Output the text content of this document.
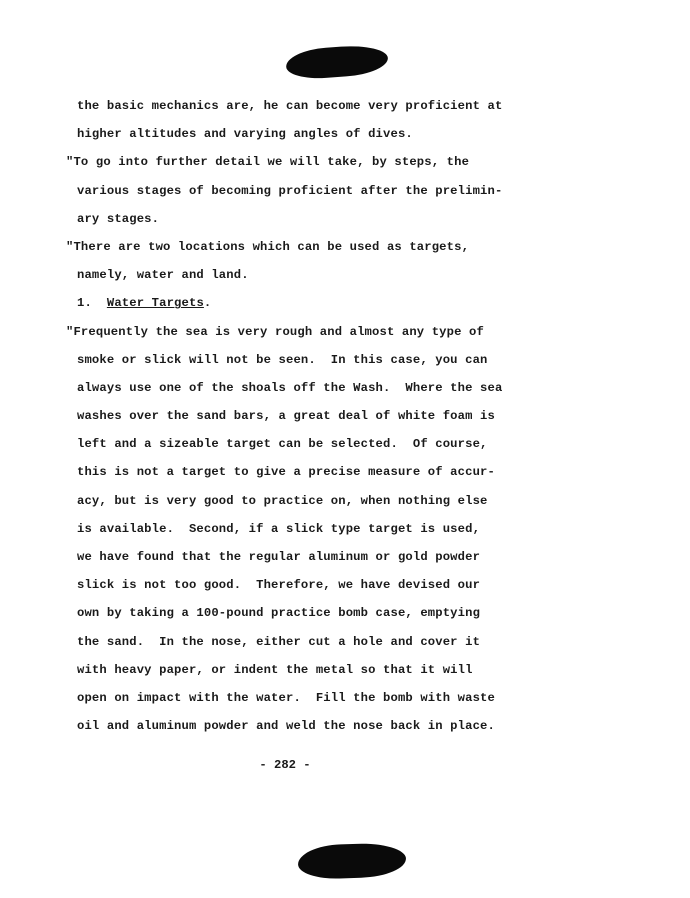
the basic mechanics are, he can become very proficient at
higher altitudes and varying angles of dives.
"To go into further detail we will take, by steps, the
various stages of becoming proficient after the prelimin-
ary stages.
"There are two locations which can be used as targets,
namely, water and land.
1. Water Targets.
"Frequently the sea is very rough and almost any type of
smoke or slick will not be seen.  In this case, you can
always use one of the shoals off the Wash.  Where the sea
washes over the sand bars, a great deal of white foam is
left and a sizeable target can be selected.  Of course,
this is not a target to give a precise measure of accur-
acy, but is very good to practice on, when nothing else
is available.  Second, if a slick type target is used,
we have found that the regular aluminum or gold powder
slick is not too good.  Therefore, we have devised our
own by taking a 100-pound practice bomb case, emptying
the sand.  In the nose, either cut a hole and cover it
with heavy paper, or indent the metal so that it will
open on impact with the water.  Fill the bomb with waste
oil and aluminum powder and weld the nose back in place.
- 282 -
